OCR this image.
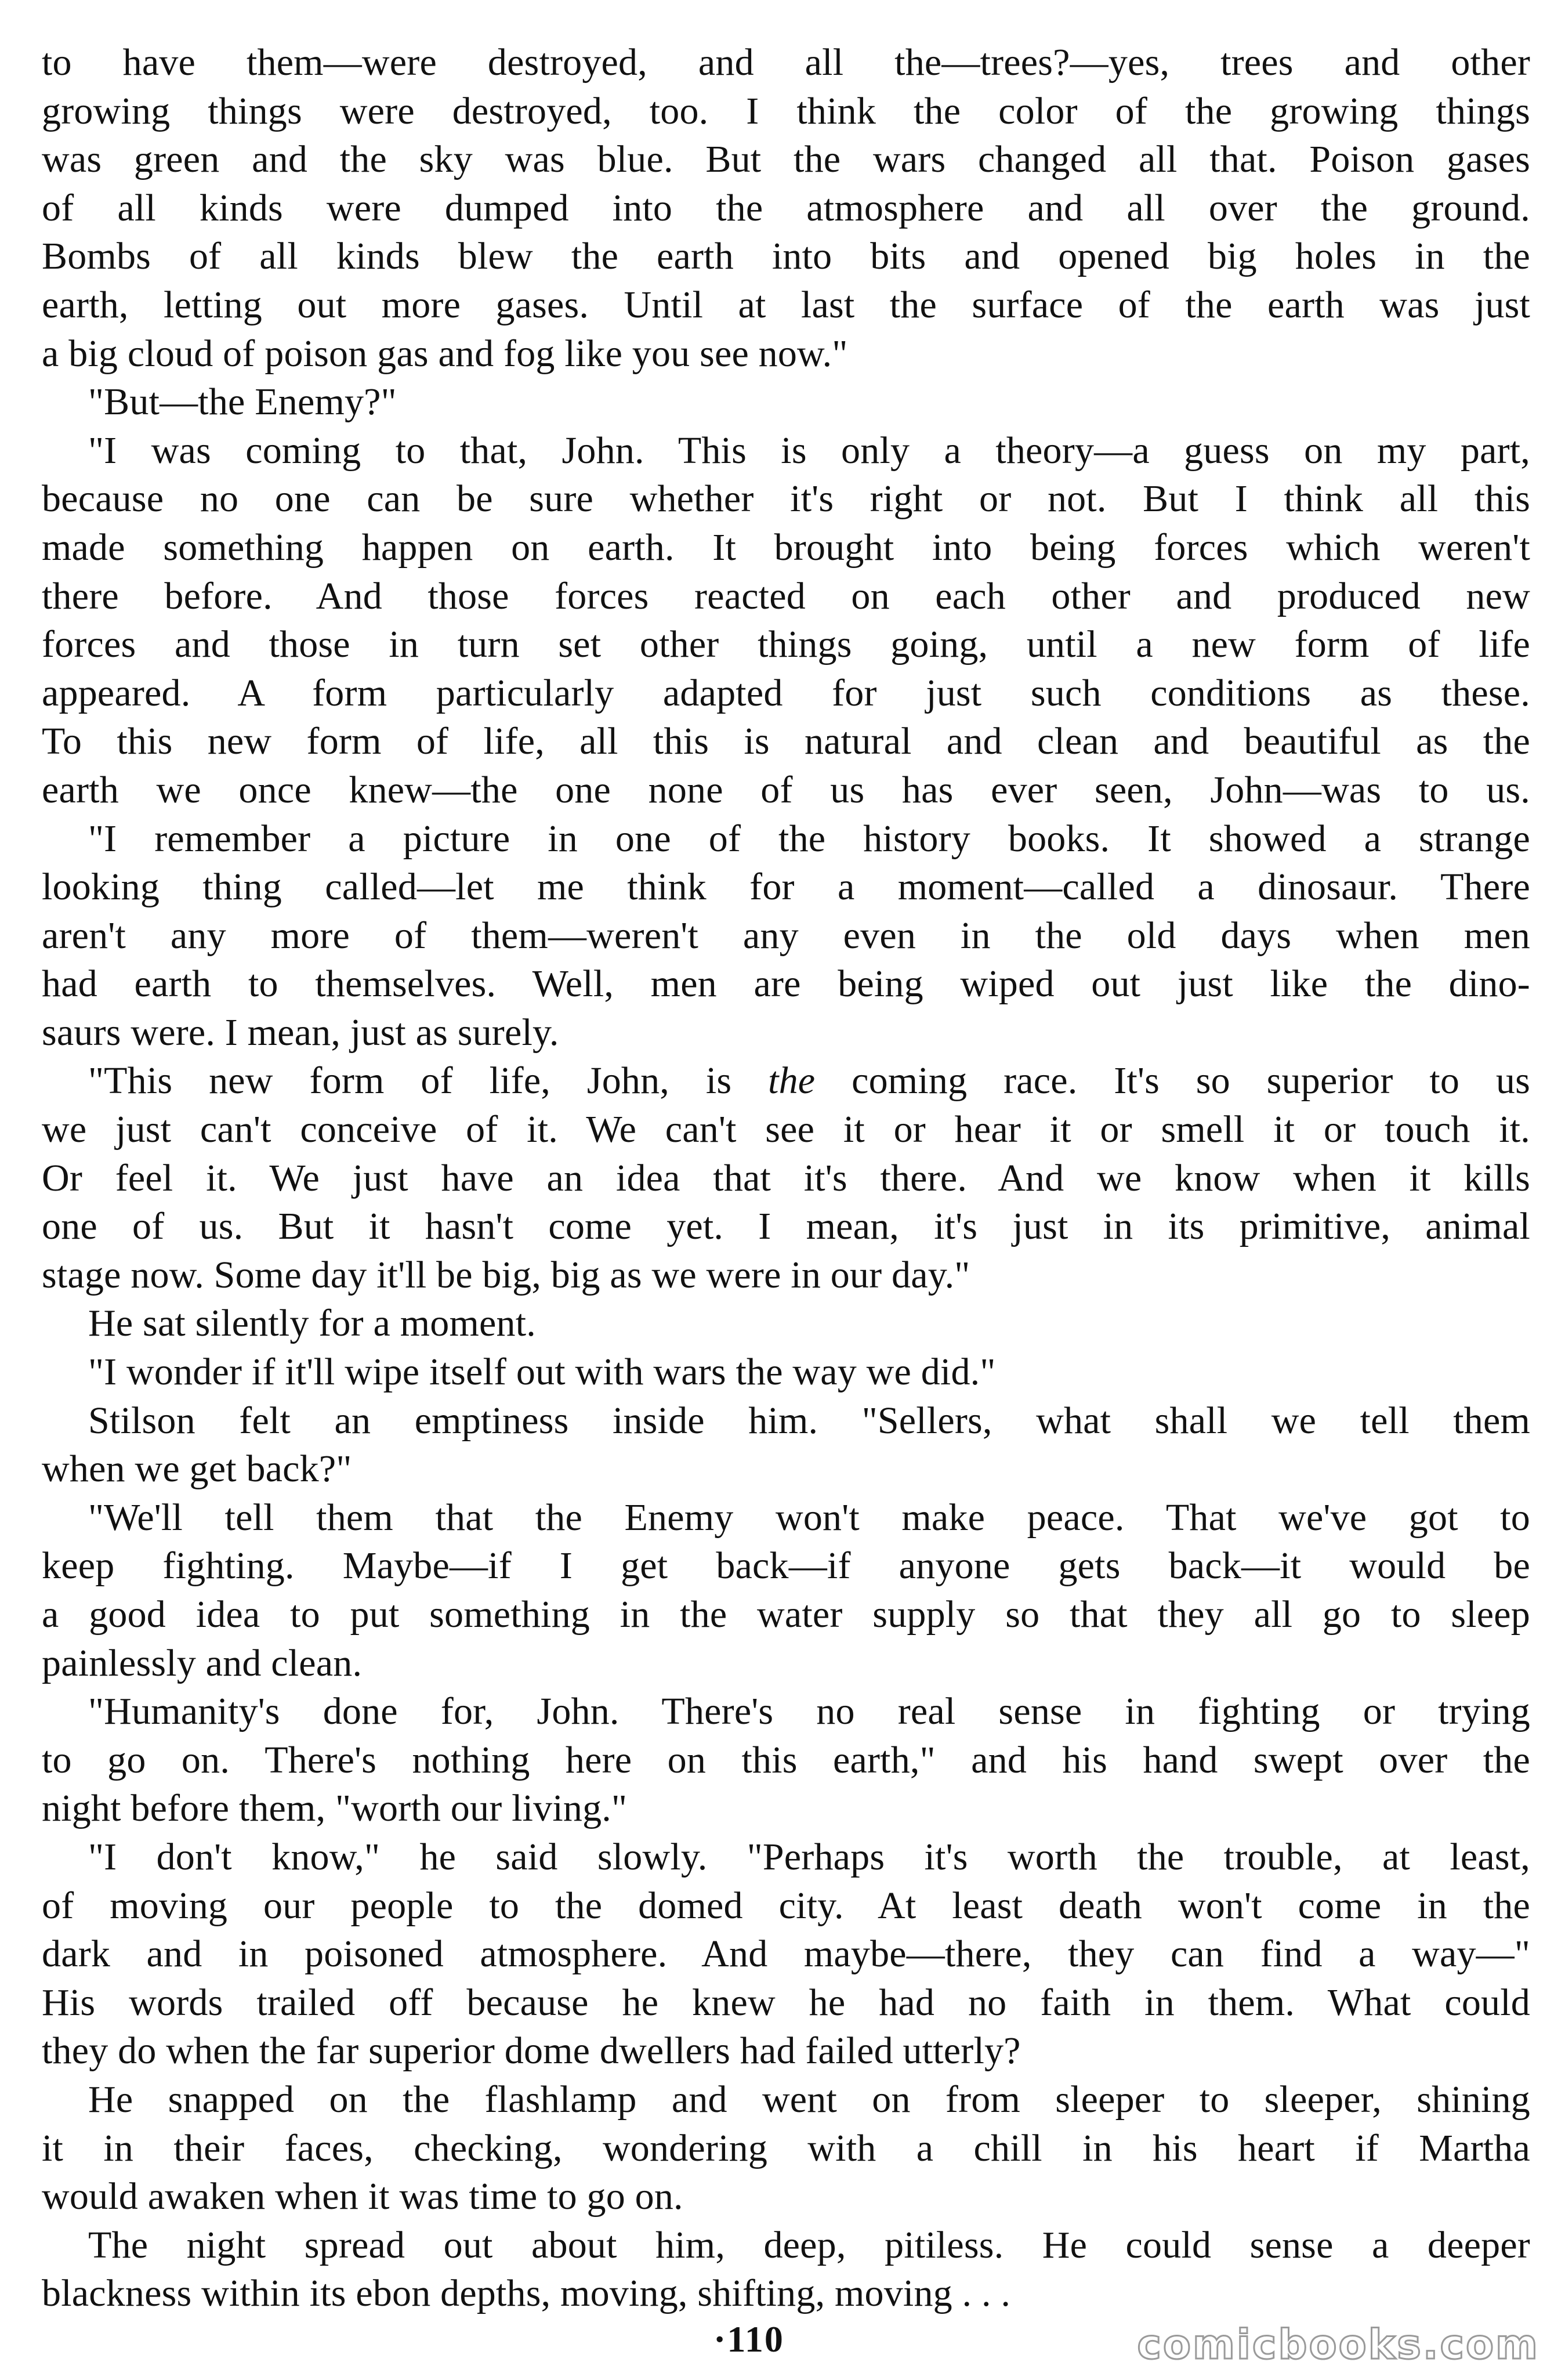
to have them—were destroyed, and all the—trees?—yes, trees and other
growing things were destroyed, too. I think the color of the growing things
was green and the sky was blue. But the wars changed all that. Poison gases
of all kinds were dumped into the atmosphere and all over the ground.
Bombs of all kinds blew the earth into bits and opened big holes in the
earth, letting out more gases. Until at last the surface of the earth was just
a big cloud of poison gas and fog like you see now."
"But—the Enemy?"
"I was coming to that, John. This is only a theory—a guess on my part,
because no one can be sure whether it's right or not. But I think all this
made something happen on earth. It brought into being forces which weren't
there before. And those forces reacted on each other and produced new
forces and those in turn set other things going, until a new form of life
appeared. A form particularly adapted for just such conditions as these.
To this new form of life, all this is natural and clean and beautiful as the
earth we once knew—the one none of us has ever seen, John—was to us.
"I remember a picture in one of the history books. It showed a strange
looking thing called—let me think for a moment—called a dinosaur. There
aren't any more of them—weren't any even in the old days when men
had earth to themselves. Well, men are being wiped out just like the dino-
saurs were. I mean, just as surely.
"This new form of life, John, is the coming race. It's so superior to us
we just can't conceive of it. We can't see it or hear it or smell it or touch it.
Or feel it. We just have an idea that it's there. And we know when it kills
one of us. But it hasn't come yet. I mean, it's just in its primitive, animal
stage now. Some day it'll be big, big as we were in our day."
He sat silently for a moment.
"I wonder if it'll wipe itself out with wars the way we did."
Stilson felt an emptiness inside him. "Sellers, what shall we tell them
when we get back?"
"We'll tell them that the Enemy won't make peace. That we've got to
keep fighting. Maybe—if I get back—if anyone gets back—it would be
a good idea to put something in the water supply so that they all go to sleep
painlessly and clean.
"Humanity's done for, John. There's no real sense in fighting or trying
to go on. There's nothing here on this earth," and his hand swept over the
night before them, "worth our living."
"I don't know," he said slowly. "Perhaps it's worth the trouble, at least,
of moving our people to the domed city. At least death won't come in the
dark and in poisoned atmosphere. And maybe—there, they can find a way—"
His words trailed off because he knew he had no faith in them. What could
they do when the far superior dome dwellers had failed utterly?
He snapped on the flashlamp and went on from sleeper to sleeper, shining
it in their faces, checking, wondering with a chill in his heart if Martha
would awaken when it was time to go on.
The night spread out about him, deep, pitiless. He could sense a deeper
blackness within its ebon depths, moving, shifting, moving . . .
·110	comicbooks.com
